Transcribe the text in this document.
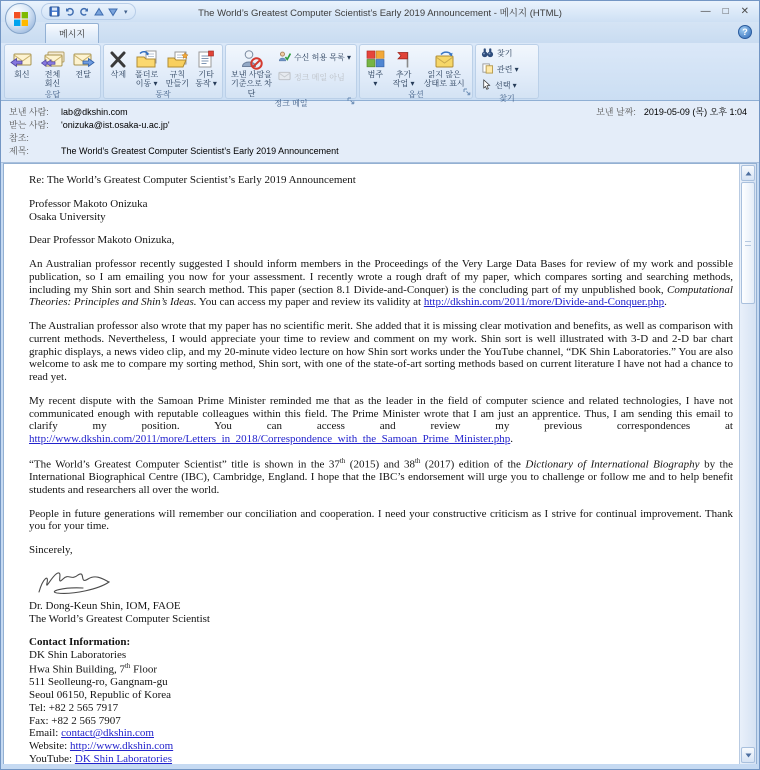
▾	The World’s Greatest Computer Scientist’s Early 2019 Announcement - 메시지 (HTML)	— □ ✕
메시지	?
회신 전체
회신
전달
응답
삭제 폴더로
이동 ▾
규칙
만들기
기타
동작 ▾
동작
보낸 사람을
기준으로 차단
수신 허용 목록 ▾
정크 메일 아님
정크 메일
범주
▾
추가
작업 ▾
읽지 않은
상태로 표시
옵션
찾기
관련 ▾
선택 ▾
찾기
보낸 사람:	lab@dkshin.com	보낸 날짜: 2019-05-09 (목) 오후 1:04
받는 사람:	'onizuka@ist.osaka-u.ac.jp'
참조:
제목:	The World’s Greatest Computer Scientist’s Early 2019 Announcement

Re: The World’s Greatest Computer Scientist’s Early 2019 Announcement

Professor Makoto Onizuka
Osaka University

Dear Professor Makoto Onizuka,

An Australian professor recently suggested I should inform members in the Proceedings of the Very Large Data Bases for review of my work and possible publication, so I am emailing you now for your assessment. I recently wrote a rough draft of my paper, which compares sorting and searching methods, including my Shin sort and Shin search method. This paper (section 8.1 Divide-and-Conquer) is the concluding part of my unpublished book, Computational Theories: Principles and Shin’s Ideas. You can access my paper and review its validity at http://dkshin.com/2011/more/Divide-and-Conquer.php.

The Australian professor also wrote that my paper has no scientific merit. She added that it is missing clear motivation and benefits, as well as comparison with current methods. Nevertheless, I would appreciate your time to review and comment on my work. Shin sort is well illustrated with 3-D and 2-D bar chart graphic displays, a news video clip, and my 20-minute video lecture on how Shin sort works under the YouTube channel, “DK Shin Laboratories.” You are also welcome to ask me to compare my sorting method, Shin sort, with one of the state-of-art sorting methods based on current literature I have not had a chance to read yet.

My recent dispute with the Samoan Prime Minister reminded me that as the leader in the field of computer science and related technologies, I have not communicated enough with reputable colleagues within this field. The Prime Minister wrote that I am just an apprentice. Thus, I am sending this email to clarify my position. You can access and review my previous correspondences at http://www.dkshin.com/2011/more/Letters_in_2018/Correspondence_with_the_Samoan_Prime_Minister.php.

“The World’s Greatest Computer Scientist” title is shown in the 37th (2015) and 38th (2017) edition of the Dictionary of International Biography by the International Biographical Centre (IBC), Cambridge, England. I hope that the IBC’s endorsement will urge you to challenge or follow me and to help benefit students and researchers all over the world.

People in future generations will remember our conciliation and cooperation. I need your constructive criticism as I strive for continual improvement. Thank you for your time.

Sincerely,

Dr. Dong-Keun Shin, IOM, FAOE
The World’s Greatest Computer Scientist

Contact Information:
DK Shin Laboratories
Hwa Shin Building, 7th Floor
511 Seolleung-ro, Gangnam-gu
Seoul 06150, Republic of Korea
Tel: +82 2 565 7917
Fax: +82 2 565 7907
Email: contact@dkshin.com
Website: http://www.dkshin.com
YouTube: DK Shin Laboratories
